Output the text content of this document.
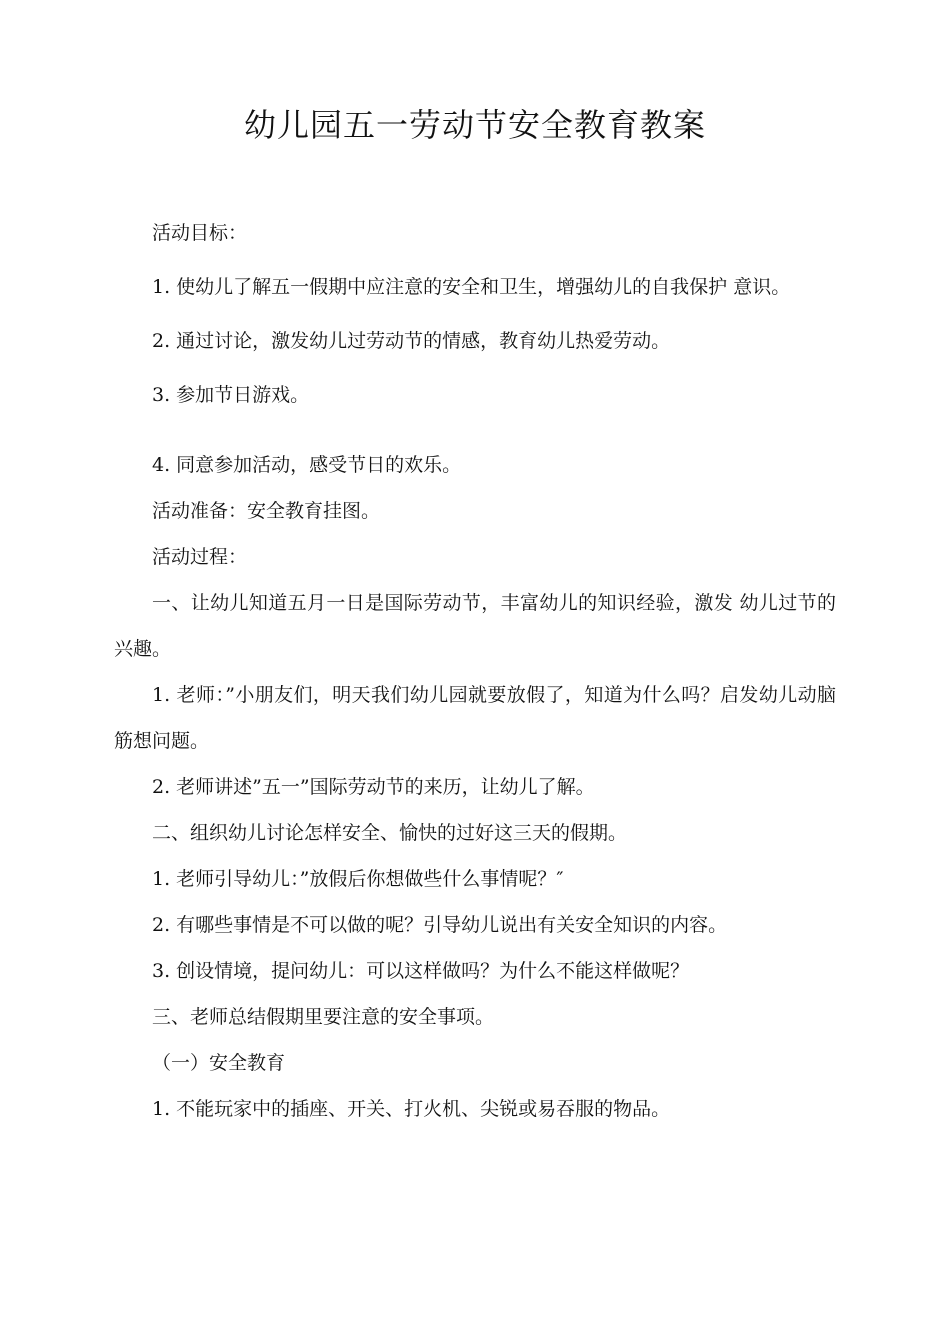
幼儿园五一劳动节安全教育教案

活动目标：

1. 使幼儿了解五一假期中应注意的安全和卫生，增强幼儿的自我保护 意识。

2. 通过讨论，激发幼儿过劳动节的情感，教育幼儿热爱劳动。

3. 参加节日游戏。

4. 同意参加活动，感受节日的欢乐。

活动准备：安全教育挂图。

活动过程：

一、让幼儿知道五月一日是国际劳动节，丰富幼儿的知识经验，激发 幼儿过节的兴趣。

1. 老师：”小朋友们，明天我们幼儿园就要放假了，知道为什么吗？启发幼儿动脑筋想问题。

2. 老师讲述”五一”国际劳动节的来历，让幼儿了解。

二、组织幼儿讨论怎样安全、愉快的过好这三天的假期。

1. 老师引导幼儿：”放假后你想做些什么事情呢？″

2. 有哪些事情是不可以做的呢？引导幼儿说出有关安全知识的内容。

3. 创设情境，提问幼儿：可以这样做吗？为什么不能这样做呢？

三、老师总结假期里要注意的安全事项。

（一）安全教育

1. 不能玩家中的插座、开关、打火机、尖锐或易吞服的物品。
